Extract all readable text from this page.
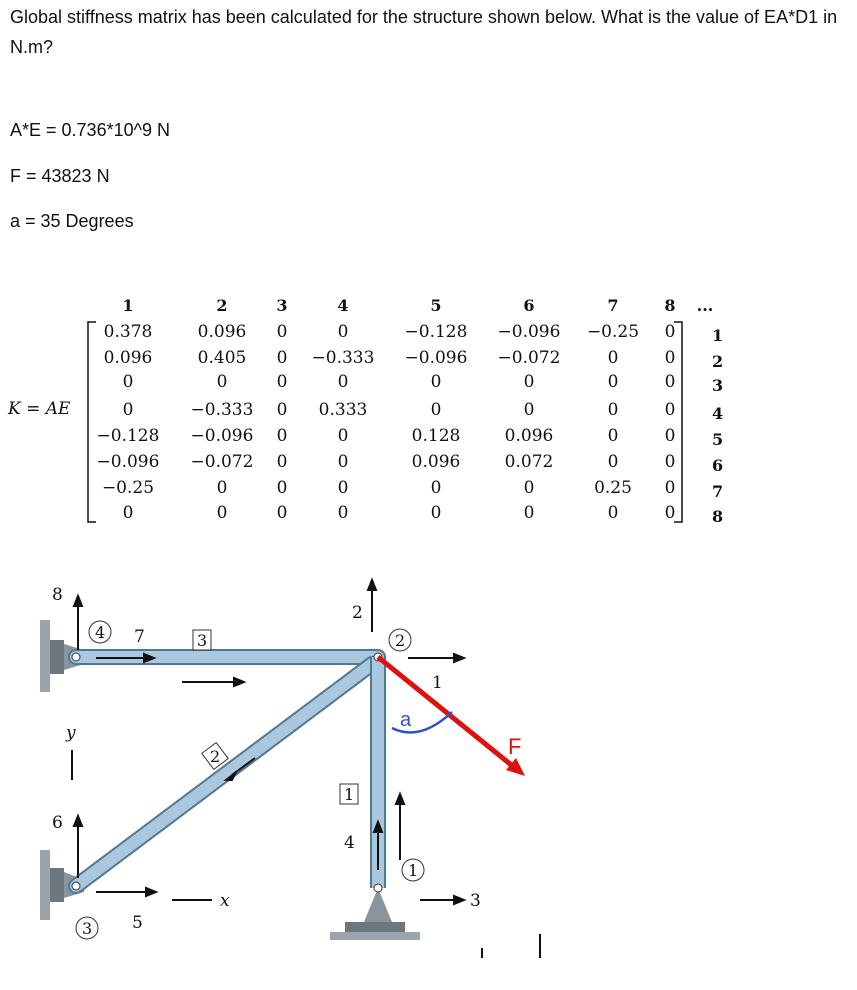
Global stiffness matrix has been calculated for the structure shown below. What is the value of EA*D1 in N.m?
A*E = 0.736*10^9 N
F = 43823 N
a = 35 Degrees
K = AE
1	2	3	4	5	6	7	8	...
0.378	0.096	0	0	−0.128	−0.096	−0.25	0
0.096	0.405	0	−0.333	−0.096	−0.072	0	0
0	0	0	0	0	0	0	0
0	−0.333	0	0.333	0	0	0	0
−0.128	−0.096	0	0	0.128	0.096	0	0
−0.096	−0.072	0	0	0.096	0.072	0	0
−0.25	0	0	0	0	0	0.25	0
0	0	0	0	0	0	0	0
1
2
3
4
5
6
7
8
8
7
6
5
2
1
4
3
y
x
4	2
3
1
3
2
1
a
F
